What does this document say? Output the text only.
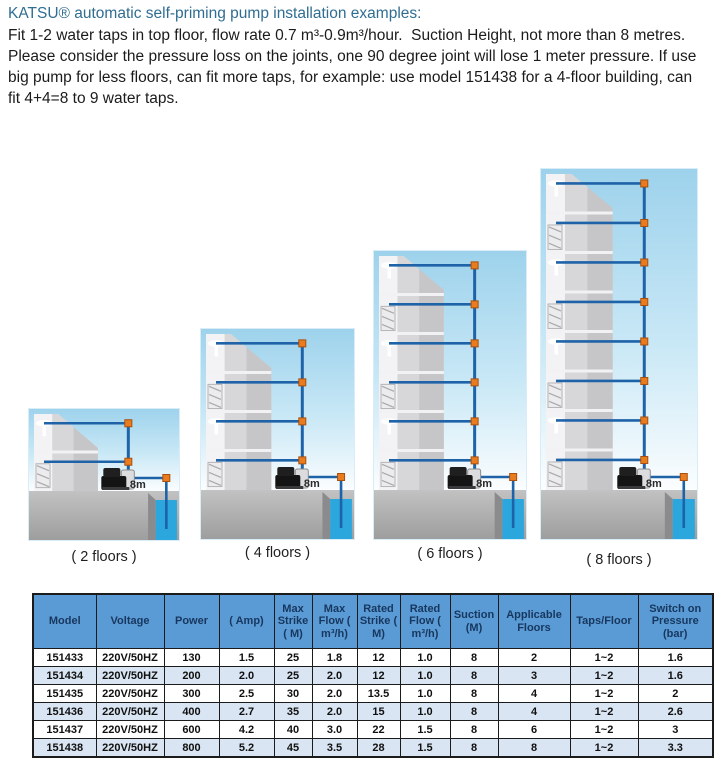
KATSU® automatic self-priming pump installation examples:

Fit 1-2 water taps in top floor, flow rate 0.7 m³-0.9m³/hour.  Suction Height, not more than 8 metres. Please consider the pressure loss on the joints, one 90 degree joint will lose 1 meter pressure. If use big pump for less floors, can fit more taps, for example: use model 151438 for a 4-floor building, can fit 4+4=8 to 9 water taps.

8m	8m	8m	8m
( 2 floors )	( 4 floors )	( 6 floors )	( 8 floors )
Model	Voltage	Power	( Amp)	Max Strike ( M)	Max Flow ( m³/h)	Rated Strike ( M)	Rated Flow ( m³/h)	Suction (M)	Applicable Floors	Taps/Floor	Switch on Pressure (bar)
151433	220V/50HZ	130	1.5	25	1.8	12	1.0	8	2	1~2	1.6
151434	220V/50HZ	200	2.0	25	2.0	12	1.0	8	3	1~2	1.6
151435	220V/50HZ	300	2.5	30	2.0	13.5	1.0	8	4	1~2	2
151436	220V/50HZ	400	2.7	35	2.0	15	1.0	8	4	1~2	2.6
151437	220V/50HZ	600	4.2	40	3.0	22	1.5	8	6	1~2	3
151438	220V/50HZ	800	5.2	45	3.5	28	1.5	8	8	1~2	3.3
